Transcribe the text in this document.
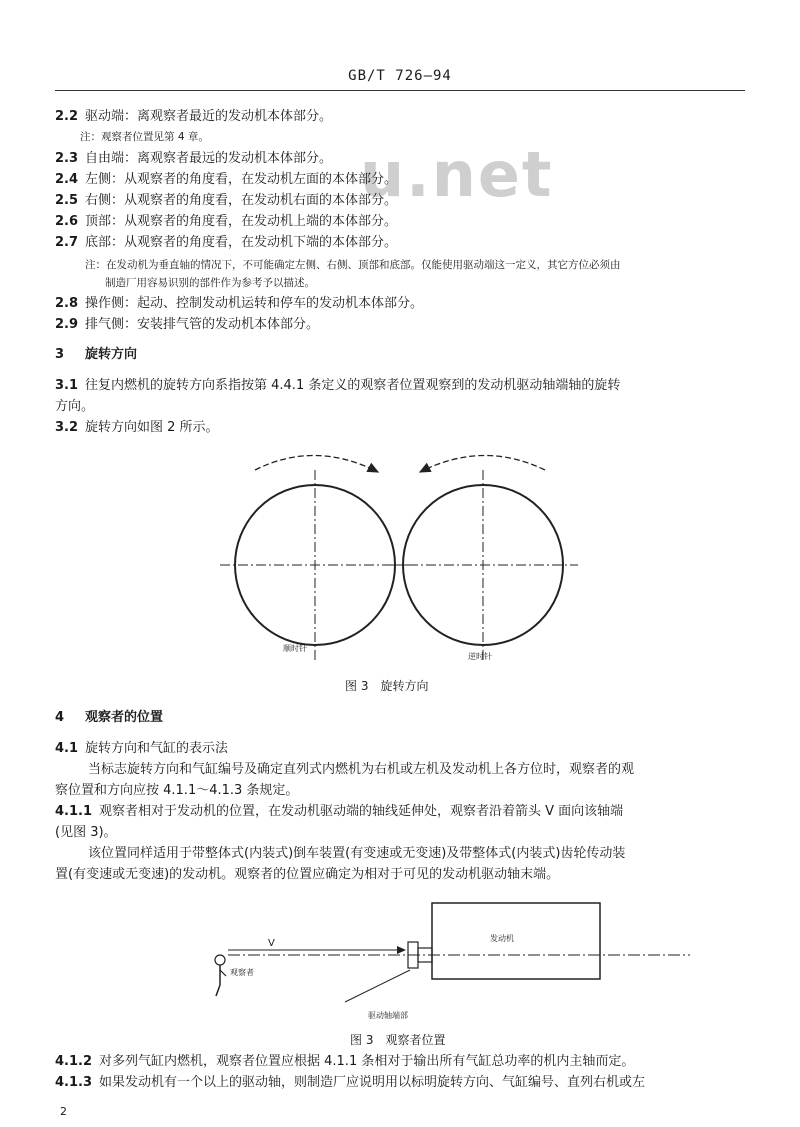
GB/T 726—94
u.net
2.2 驱动端：离观察者最近的发动机本体部分。
注：观察者位置见第 4 章。
2.3 自由端：离观察者最远的发动机本体部分。
2.4 左侧：从观察者的角度看，在发动机左面的本体部分。
2.5 右侧：从观察者的角度看，在发动机右面的本体部分。
2.6 顶部：从观察者的角度看，在发动机上端的本体部分。
2.7 底部：从观察者的角度看，在发动机下端的本体部分。
注：在发动机为垂直轴的情况下，不可能确定左侧、右侧、顶部和底部。仅能使用驱动端这一定义，其它方位必须由
制造厂用容易识别的部件作为参考予以描述。
2.8 操作侧：起动、控制发动机运转和停车的发动机本体部分。
2.9 排气侧：安装排气管的发动机本体部分。
3 旋转方向
3.1 往复内燃机的旋转方向系指按第 4.4.1 条定义的观察者位置观察到的发动机驱动轴端轴的旋转
方向。
3.2 旋转方向如图 2 所示。
顺时针
逆时针
图 3　旋转方向
4 观察者的位置
4.1 旋转方向和气缸的表示法
当标志旋转方向和气缸编号及确定直列式内燃机为右机或左机及发动机上各方位时，观察者的观
察位置和方向应按 4.1.1～4.1.3 条规定。
4.1.1 观察者相对于发动机的位置，在发动机驱动端的轴线延伸处，观察者沿着箭头 V 面向该轴端
(见图 3)。
该位置同样适用于带整体式(内装式)倒车装置(有变速或无变速)及带整体式(内装式)齿轮传动装
置(有变速或无变速)的发动机。观察者的位置应确定为相对于可见的发动机驱动轴末端。
发动机
V
观察者
驱动轴端部
图 3　观察者位置
4.1.2 对多列气缸内燃机，观察者位置应根据 4.1.1 条相对于输出所有气缸总功率的机内主轴而定。
4.1.3 如果发动机有一个以上的驱动轴，则制造厂应说明用以标明旋转方向、气缸编号、直列右机或左
2
